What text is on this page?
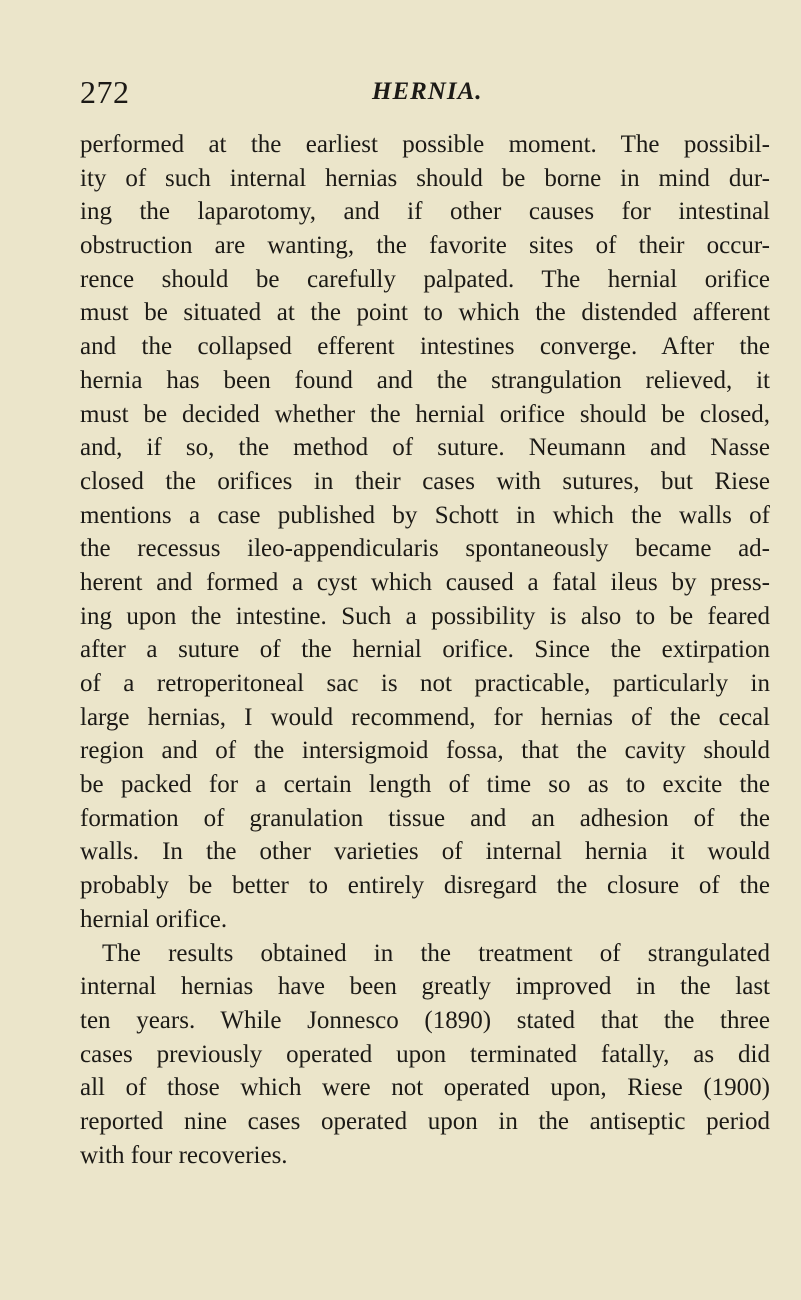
272	HERNIA.
performed at the earliest possible moment. The possibil-
ity of such internal hernias should be borne in mind dur-
ing the laparotomy, and if other causes for intestinal
obstruction are wanting, the favorite sites of their occur-
rence should be carefully palpated. The hernial orifice
must be situated at the point to which the distended afferent
and the collapsed efferent intestines converge. After the
hernia has been found and the strangulation relieved, it
must be decided whether the hernial orifice should be closed,
and, if so, the method of suture. Neumann and Nasse
closed the orifices in their cases with sutures, but Riese
mentions a case published by Schott in which the walls of
the recessus ileo-appendicularis spontaneously became ad-
herent and formed a cyst which caused a fatal ileus by press-
ing upon the intestine. Such a possibility is also to be feared
after a suture of the hernial orifice. Since the extirpation
of a retroperitoneal sac is not practicable, particularly in
large hernias, I would recommend, for hernias of the cecal
region and of the intersigmoid fossa, that the cavity should
be packed for a certain length of time so as to excite the
formation of granulation tissue and an adhesion of the
walls. In the other varieties of internal hernia it would
probably be better to entirely disregard the closure of the
hernial orifice.
The results obtained in the treatment of strangulated
internal hernias have been greatly improved in the last
ten years. While Jonnesco (1890) stated that the three
cases previously operated upon terminated fatally, as did
all of those which were not operated upon, Riese (1900)
reported nine cases operated upon in the antiseptic period
with four recoveries.
